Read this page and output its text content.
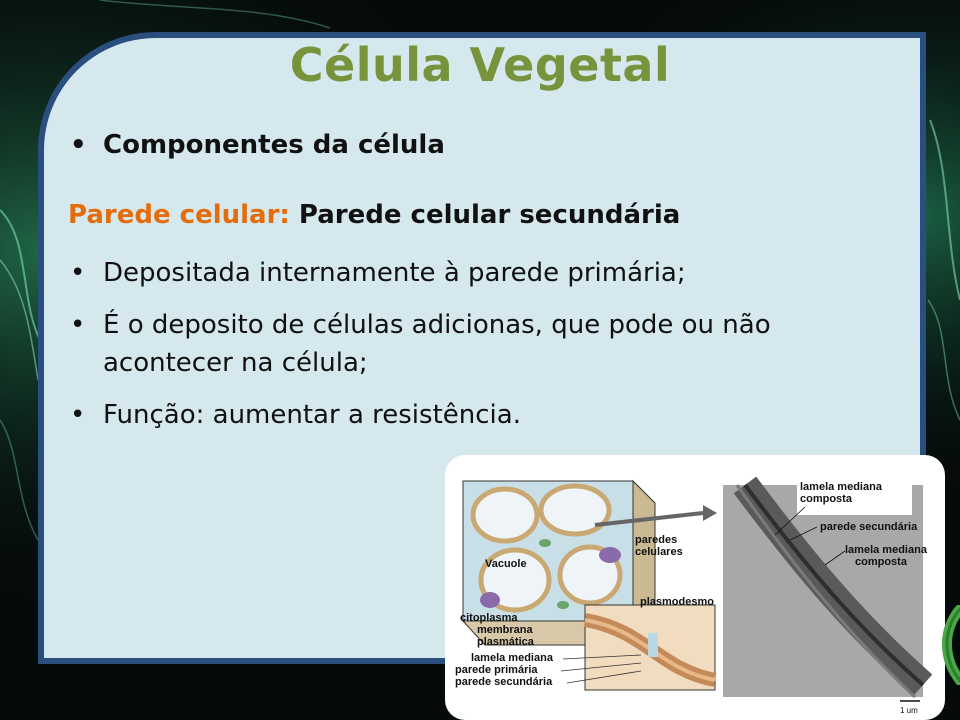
Célula Vegetal
• Componentes da célula

Parede celular: Parede celular secundária

• Depositada internamente à parede primária;
• É o deposito de células adicionas, que pode ou não acontecer na célula;
• Função: aumentar a resistência.
Vacuole
paredes
celulares
plasmodesmo
citoplasma
membrana
plasmática
lamela mediana
parede primária
parede secundária
lamela mediana
composta
parede secundária
lamela mediana
composta
1 um
